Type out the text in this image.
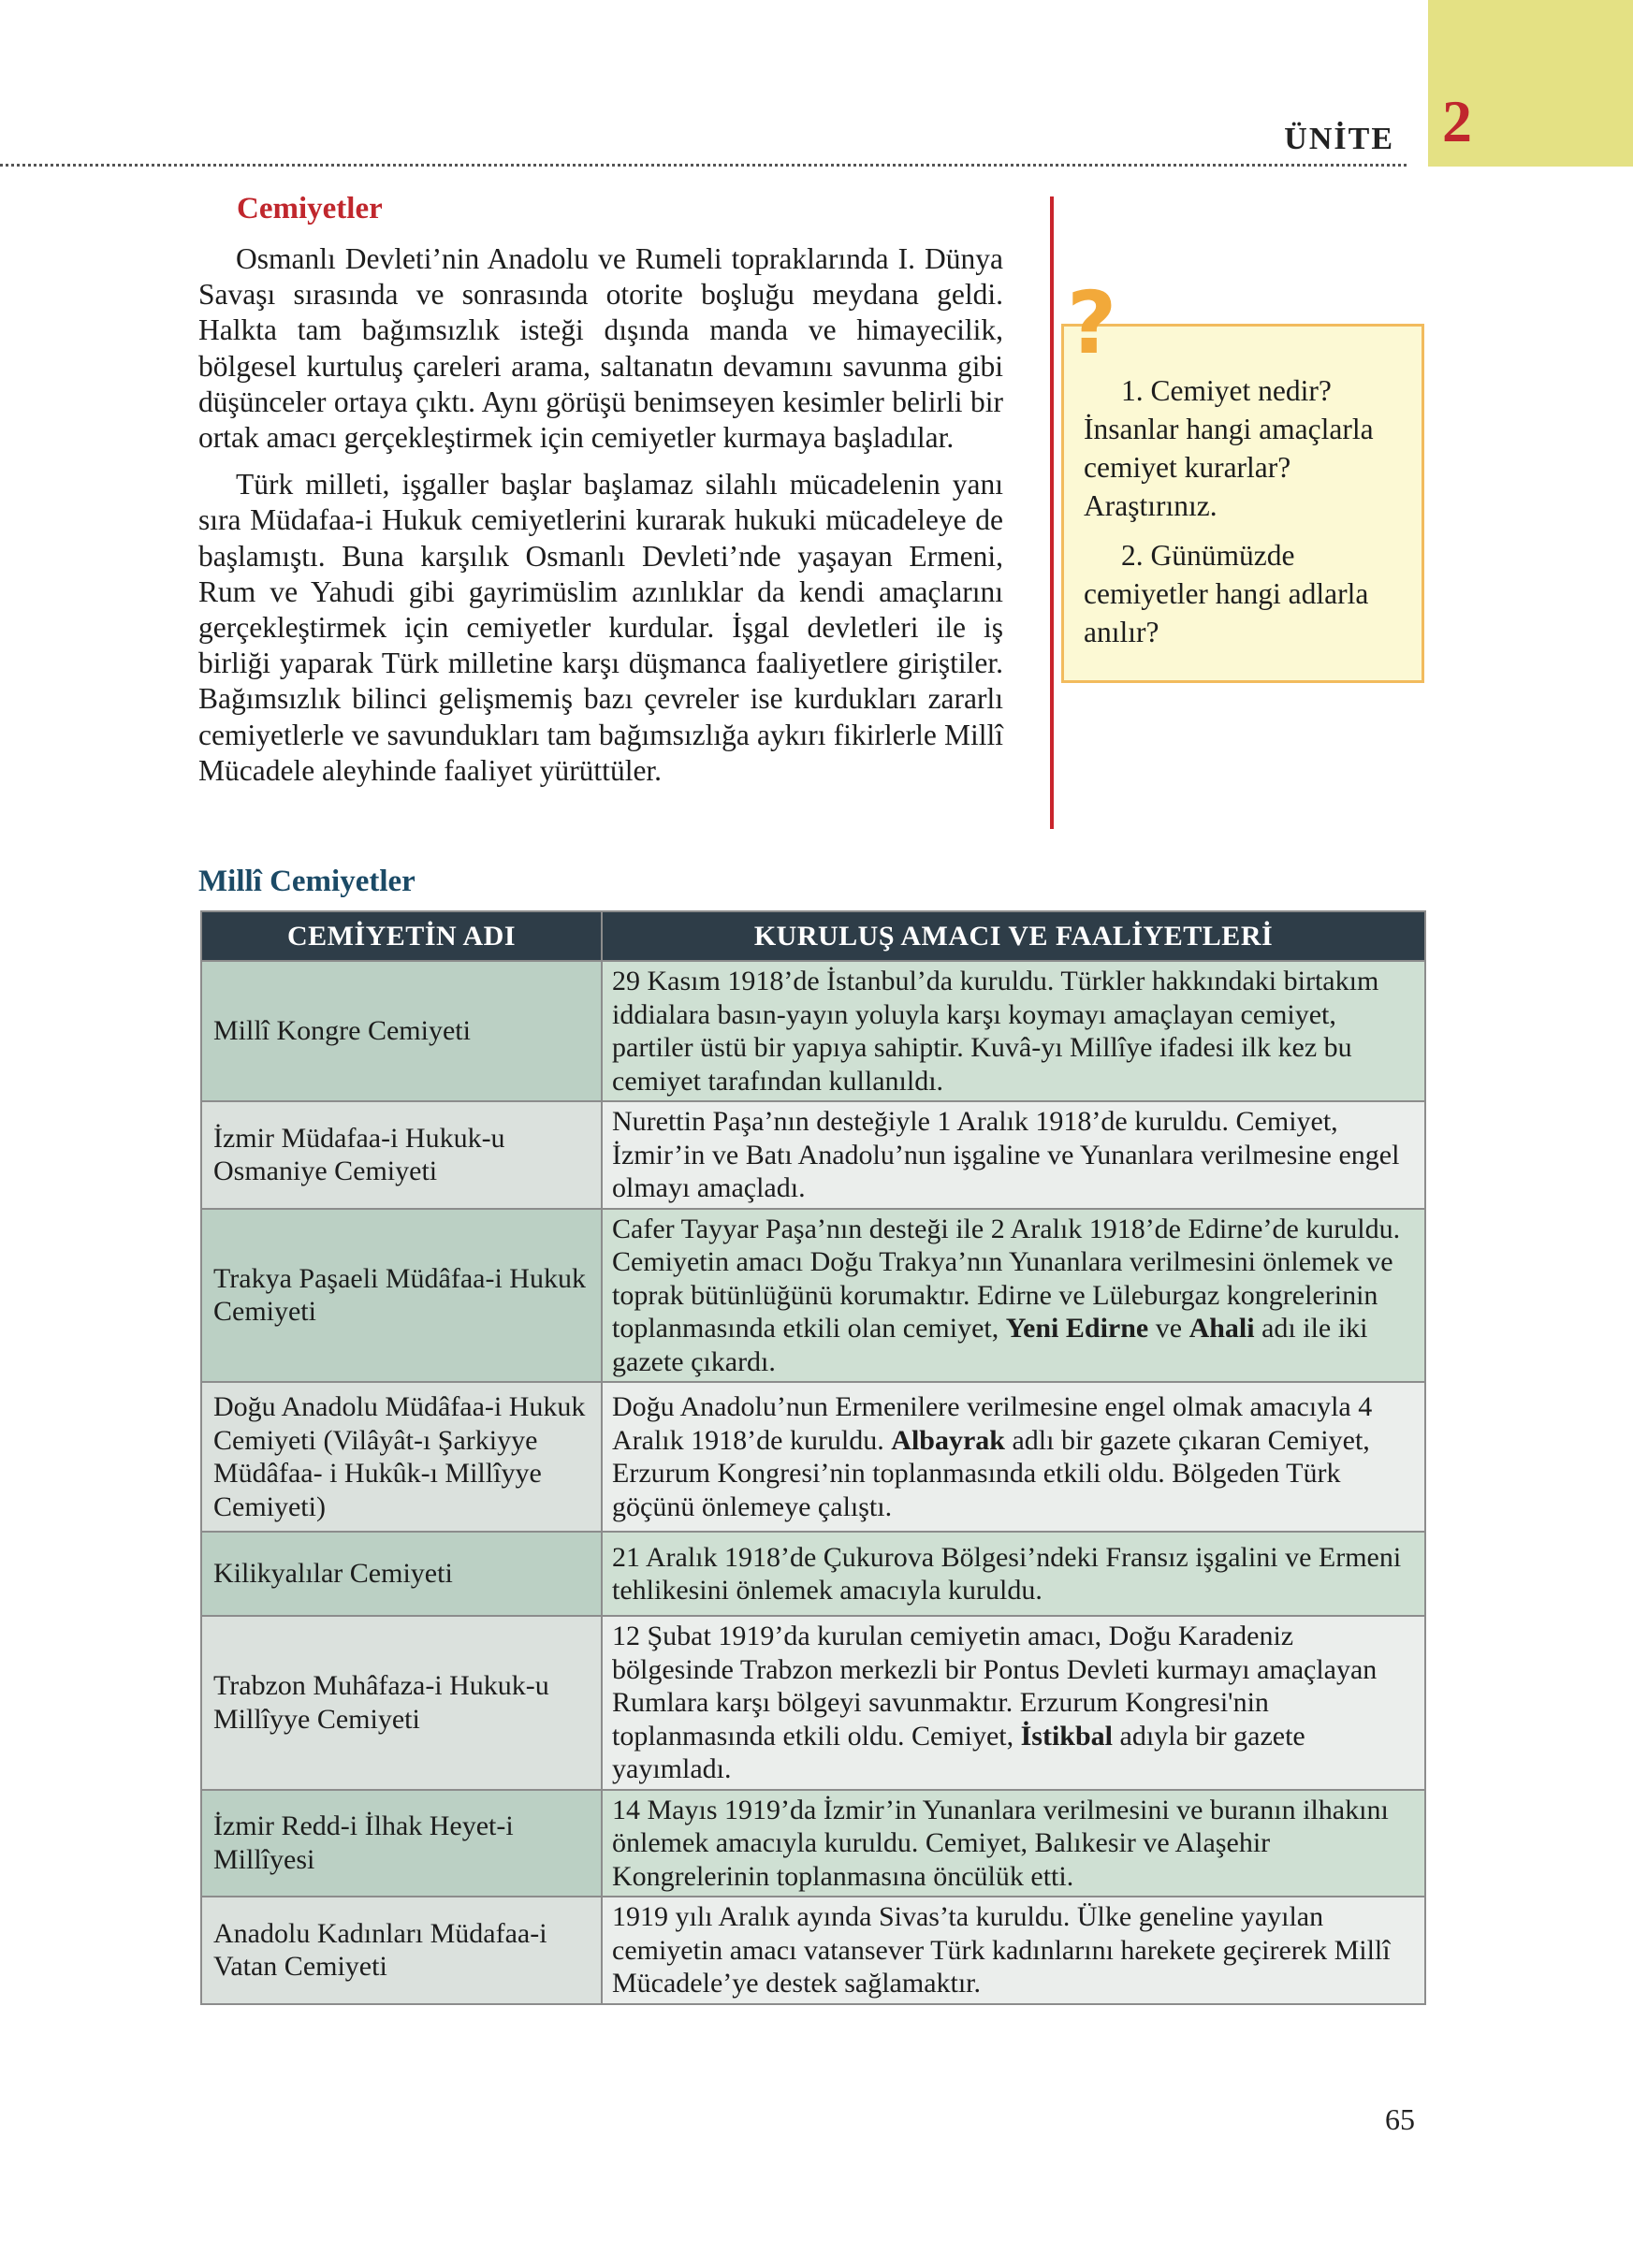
2
ÜNİTE
Cemiyetler

Osmanlı Devleti’nin Anadolu ve Rumeli topraklarında I. Dünya Savaşı sırasında ve sonrasında otorite boşluğu meydana geldi. Halkta tam bağımsızlık isteği dışında manda ve himayecilik, bölgesel kurtuluş çareleri arama, saltanatın devamını savunma gibi düşünceler ortaya çıktı. Aynı görüşü benimseyen kesimler belirli bir ortak amacı gerçekleştirmek için cemiyetler kurmaya başladılar.

Türk milleti, işgaller başlar başlamaz silahlı mücadelenin yanı sıra Müdafaa-i Hukuk cemiyetlerini kurarak hukuki mücadeleye de başlamıştı. Buna karşılık Osmanlı Devleti’nde yaşayan Ermeni, Rum ve Yahudi gibi gayrimüslim azınlıklar da kendi amaçlarını gerçekleştirmek için cemiyetler kurdular. İşgal devletleri ile iş birliği yaparak Türk milletine karşı düşmanca faaliyetlere giriştiler. Bağımsızlık bilinci gelişmemiş bazı çevreler ise kurdukları zararlı cemiyetlerle ve savundukları tam bağımsızlığa aykırı fikirlerle Millî Mücadele aleyhinde faaliyet yürüttüler.

?

1. Cemiyet nedir? İnsanlar hangi amaçlarla cemiyet kurarlar? Araştırınız.

2. Günümüzde cemiyetler hangi adlarla anılır?

Millî Cemiyetler
CEMİYETİN ADI	KURULUŞ AMACI VE FAALİYETLERİ
Millî Kongre Cemiyeti	29 Kasım 1918’de İstanbul’da kuruldu. Türkler hakkındaki birtakım iddialara basın-yayın yoluyla karşı koymayı amaçlayan cemiyet, partiler üstü bir yapıya sahiptir. Kuvâ-yı Millîye ifadesi ilk kez bu cemiyet tarafından kullanıldı.
İzmir Müdafaa-i Hukuk-u Osmaniye Cemiyeti	Nurettin Paşa’nın desteğiyle 1 Aralık 1918’de kuruldu. Cemiyet, İzmir’in ve Batı Anadolu’nun işgaline ve Yunanlara verilmesine engel olmayı amaçladı.
Trakya Paşaeli Müdâfaa-i Hukuk Cemiyeti	Cafer Tayyar Paşa’nın desteği ile 2 Aralık 1918’de Edirne’de kuruldu. Cemiyetin amacı Doğu Trakya’nın Yunanlara verilmesini önlemek ve toprak bütünlüğünü korumaktır. Edirne ve Lüleburgaz kongrelerinin toplanmasında etkili olan cemiyet, Yeni Edirne ve Ahali adı ile iki gazete çıkardı.
Doğu Anadolu Müdâfaa-i Hukuk Cemiyeti (Vilâyât-ı Şarkiyye Müdâfaa- i Hukûk-ı Millîyye Cemiyeti)	Doğu Anadolu’nun Ermenilere verilmesine engel olmak amacıyla 4 Aralık 1918’de kuruldu. Albayrak adlı bir gazete çıkaran Cemiyet, Erzurum Kongresi’nin toplanmasında etkili oldu. Bölgeden Türk göçünü önlemeye çalıştı.
Kilikyalılar Cemiyeti	21 Aralık 1918’de Çukurova Bölgesi’ndeki Fransız işgalini ve Ermeni tehlikesini önlemek amacıyla kuruldu.
Trabzon Muhâfaza-i Hukuk-u Millîyye Cemiyeti	12 Şubat 1919’da kurulan cemiyetin amacı, Doğu Karadeniz bölgesinde Trabzon merkezli bir Pontus Devleti kurmayı amaçlayan Rumlara karşı bölgeyi savunmaktır. Erzurum Kongresi'nin toplanmasında etkili oldu. Cemiyet, İstikbal adıyla bir gazete yayımladı.
İzmir Redd-i İlhak Heyet-i Millîyesi	14 Mayıs 1919’da İzmir’in Yunanlara verilmesini ve buranın ilhakını önlemek amacıyla kuruldu. Cemiyet, Balıkesir ve Alaşehir Kongrelerinin toplanmasına öncülük etti.
Anadolu Kadınları Müdafaa-i Vatan Cemiyeti	1919 yılı Aralık ayında Sivas’ta kuruldu. Ülke geneline yayılan cemiyetin amacı vatansever Türk kadınlarını harekete geçirerek Millî Mücadele’ye destek sağlamaktır.
65
